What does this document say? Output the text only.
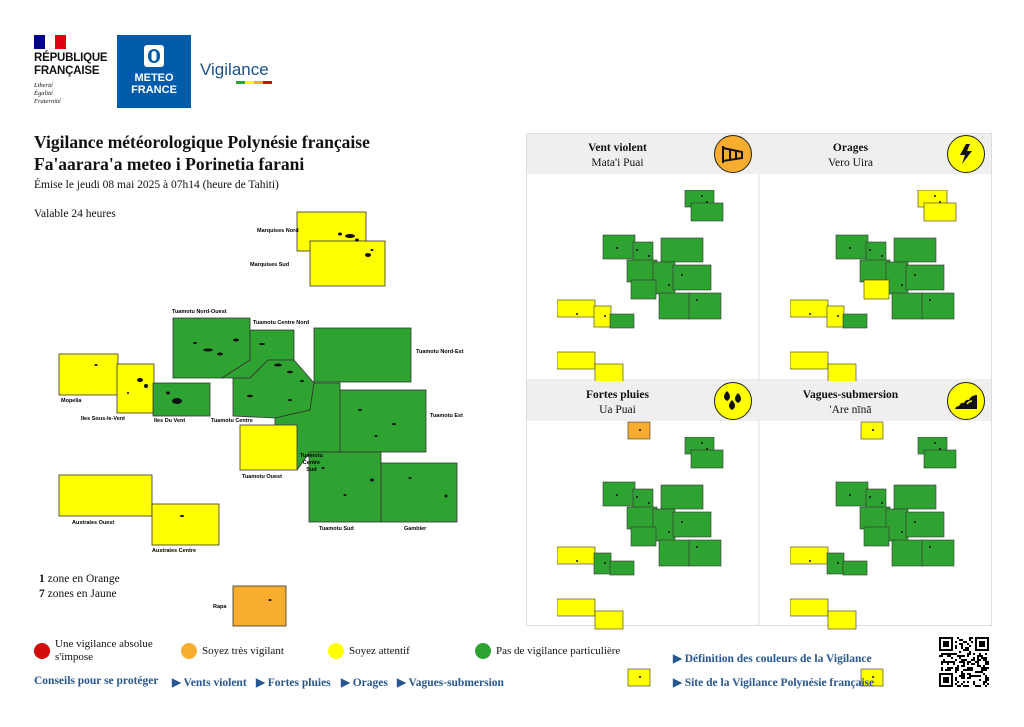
RÉPUBLIQUE
FRANÇAISE
Liberté
Égalité
Fraternité
METEO
FRANCE
Vigilance
Vigilance météorologique Polynésie française
Fa'aarara'a meteo i Porinetia farani
Émise le jeudi 08 mai 2025 à 07h14 (heure de Tahiti)
Valable 24 heures
Marquises Nord
Marquises Sud
Tuamotu Nord-Ouest
Tuamotu Centre Nord
Tuamotu Nord-Est
Mopelia
Iles Sous-le-Vent	Iles Du Vent	Tuamotu Centre
Tuamotu Est
Tuamotu
Centre
Sud
Tuamotu Ouest
Australes Ouest
Australes Centre
Tuamotu Sud	Gambier
Rapa
1 zone en Orange
7 zones en Jaune
Vent violent
Mata'i Puai
Orages
Vero Uira
Fortes pluies
Ua Puai
Vagues-submersion
'Are nīnā
Une vigilance absolue s'impose	Soyez très vigilant	Soyez attentif	Pas de vigilance particulière
Conseils pour se protéger ▶ Vents violent ▶ Fortes pluies ▶ Orages ▶ Vagues-submersion
▶ Définition des couleurs de la Vigilance
▶ Site de la Vigilance Polynésie française
